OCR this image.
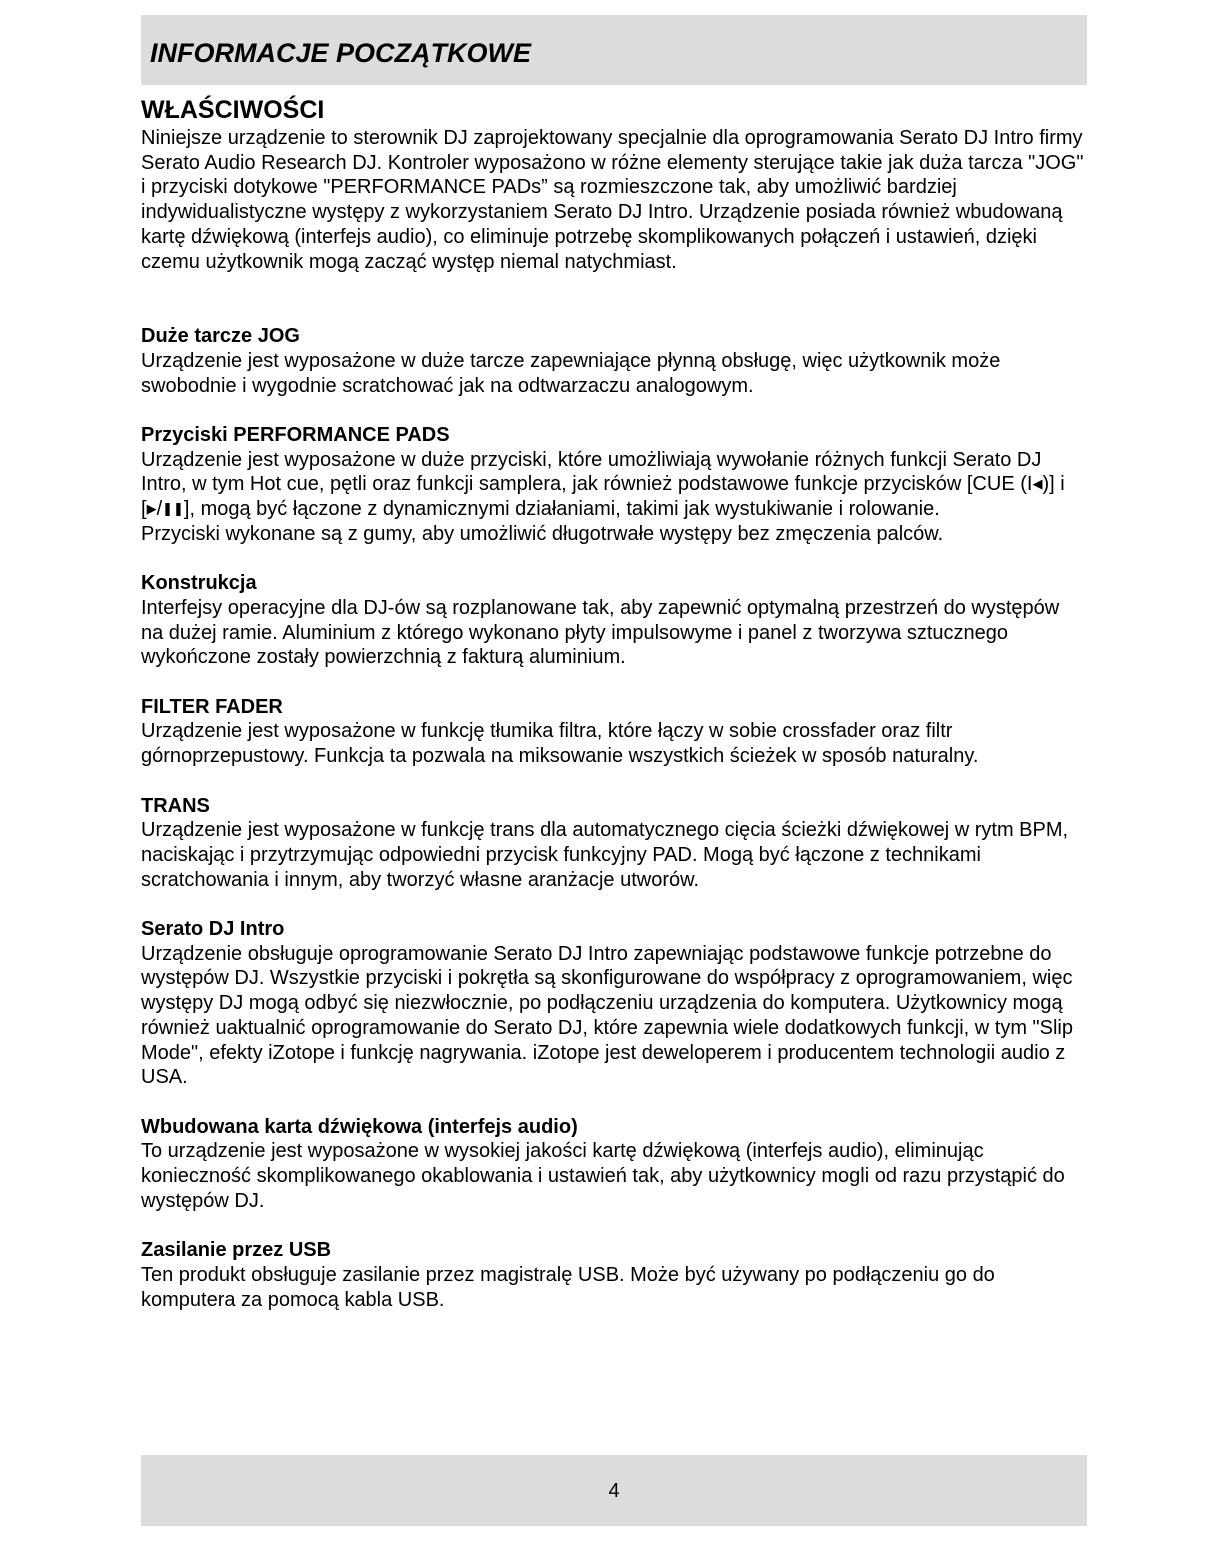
INFORMACJE POCZĄTKOWE
WŁAŚCIWOŚCI

Niniejsze urządzenie to sterownik DJ zaprojektowany specjalnie dla oprogramowania Serato DJ Intro firmy Serato Audio Research DJ. Kontroler wyposażono w różne elementy sterujące takie jak duża tarcza "JOG" i przyciski dotykowe "PERFORMANCE PADs” są rozmieszczone tak, aby umożliwić bardziej indywidualistyczne występy z wykorzystaniem Serato DJ Intro. Urządzenie posiada również wbudowaną kartę dźwiękową (interfejs audio), co eliminuje potrzebę skomplikowanych połączeń i ustawień, dzięki czemu użytkownik mogą zacząć występ niemal natychmiast.

Duże tarcze JOG

Urządzenie jest wyposażone w duże tarcze zapewniające płynną obsługę, więc użytkownik może swobodnie i wygodnie scratchować jak na odtwarzaczu analogowym.

Przyciski PERFORMANCE PADS

Urządzenie jest wyposażone w duże przyciski, które umożliwiają wywołanie różnych funkcji Serato DJ Intro, w tym Hot cue, pętli oraz funkcji samplera, jak również podstawowe funkcje przycisków [CUE (I◀)] i [▶/❚❚], mogą być łączone z dynamicznymi działaniami, takimi jak wystukiwanie i rolowanie.

Przyciski wykonane są z gumy, aby umożliwić długotrwałe występy bez zmęczenia palców.

Konstrukcja

Interfejsy operacyjne dla DJ-ów są rozplanowane tak, aby zapewnić optymalną przestrzeń do występów na dużej ramie. Aluminium z którego wykonano płyty impulsowyme i panel z tworzywa sztucznego wykończone zostały powierzchnią z fakturą aluminium.

FILTER FADER

Urządzenie jest wyposażone w funkcję tłumika filtra, które łączy w sobie crossfader oraz filtr górnoprzepustowy. Funkcja ta pozwala na miksowanie wszystkich ścieżek w sposób naturalny.

TRANS

Urządzenie jest wyposażone w funkcję trans dla automatycznego cięcia ścieżki dźwiękowej w rytm BPM, naciskając i przytrzymując odpowiedni przycisk funkcyjny PAD. Mogą być łączone z technikami scratchowania i innym, aby tworzyć własne aranżacje utworów.

Serato DJ Intro

Urządzenie obsługuje oprogramowanie Serato DJ Intro zapewniając podstawowe funkcje potrzebne do występów DJ. Wszystkie przyciski i pokrętła są skonfigurowane do współpracy z oprogramowaniem, więc występy DJ mogą odbyć się niezwłocznie, po podłączeniu urządzenia do komputera. Użytkownicy mogą również uaktualnić oprogramowanie do Serato DJ, które zapewnia wiele dodatkowych funkcji, w tym "Slip Mode", efekty iZotope i funkcję nagrywania. iZotope jest deweloperem i producentem technologii audio z USA.

Wbudowana karta dźwiękowa (interfejs audio)

To urządzenie jest wyposażone w wysokiej jakości kartę dźwiękową (interfejs audio), eliminując konieczność skomplikowanego okablowania i ustawień tak, aby użytkownicy mogli od razu przystąpić do występów DJ.

Zasilanie przez USB

Ten produkt obsługuje zasilanie przez magistralę USB. Może być używany po podłączeniu go do komputera za pomocą kabla USB.

4
